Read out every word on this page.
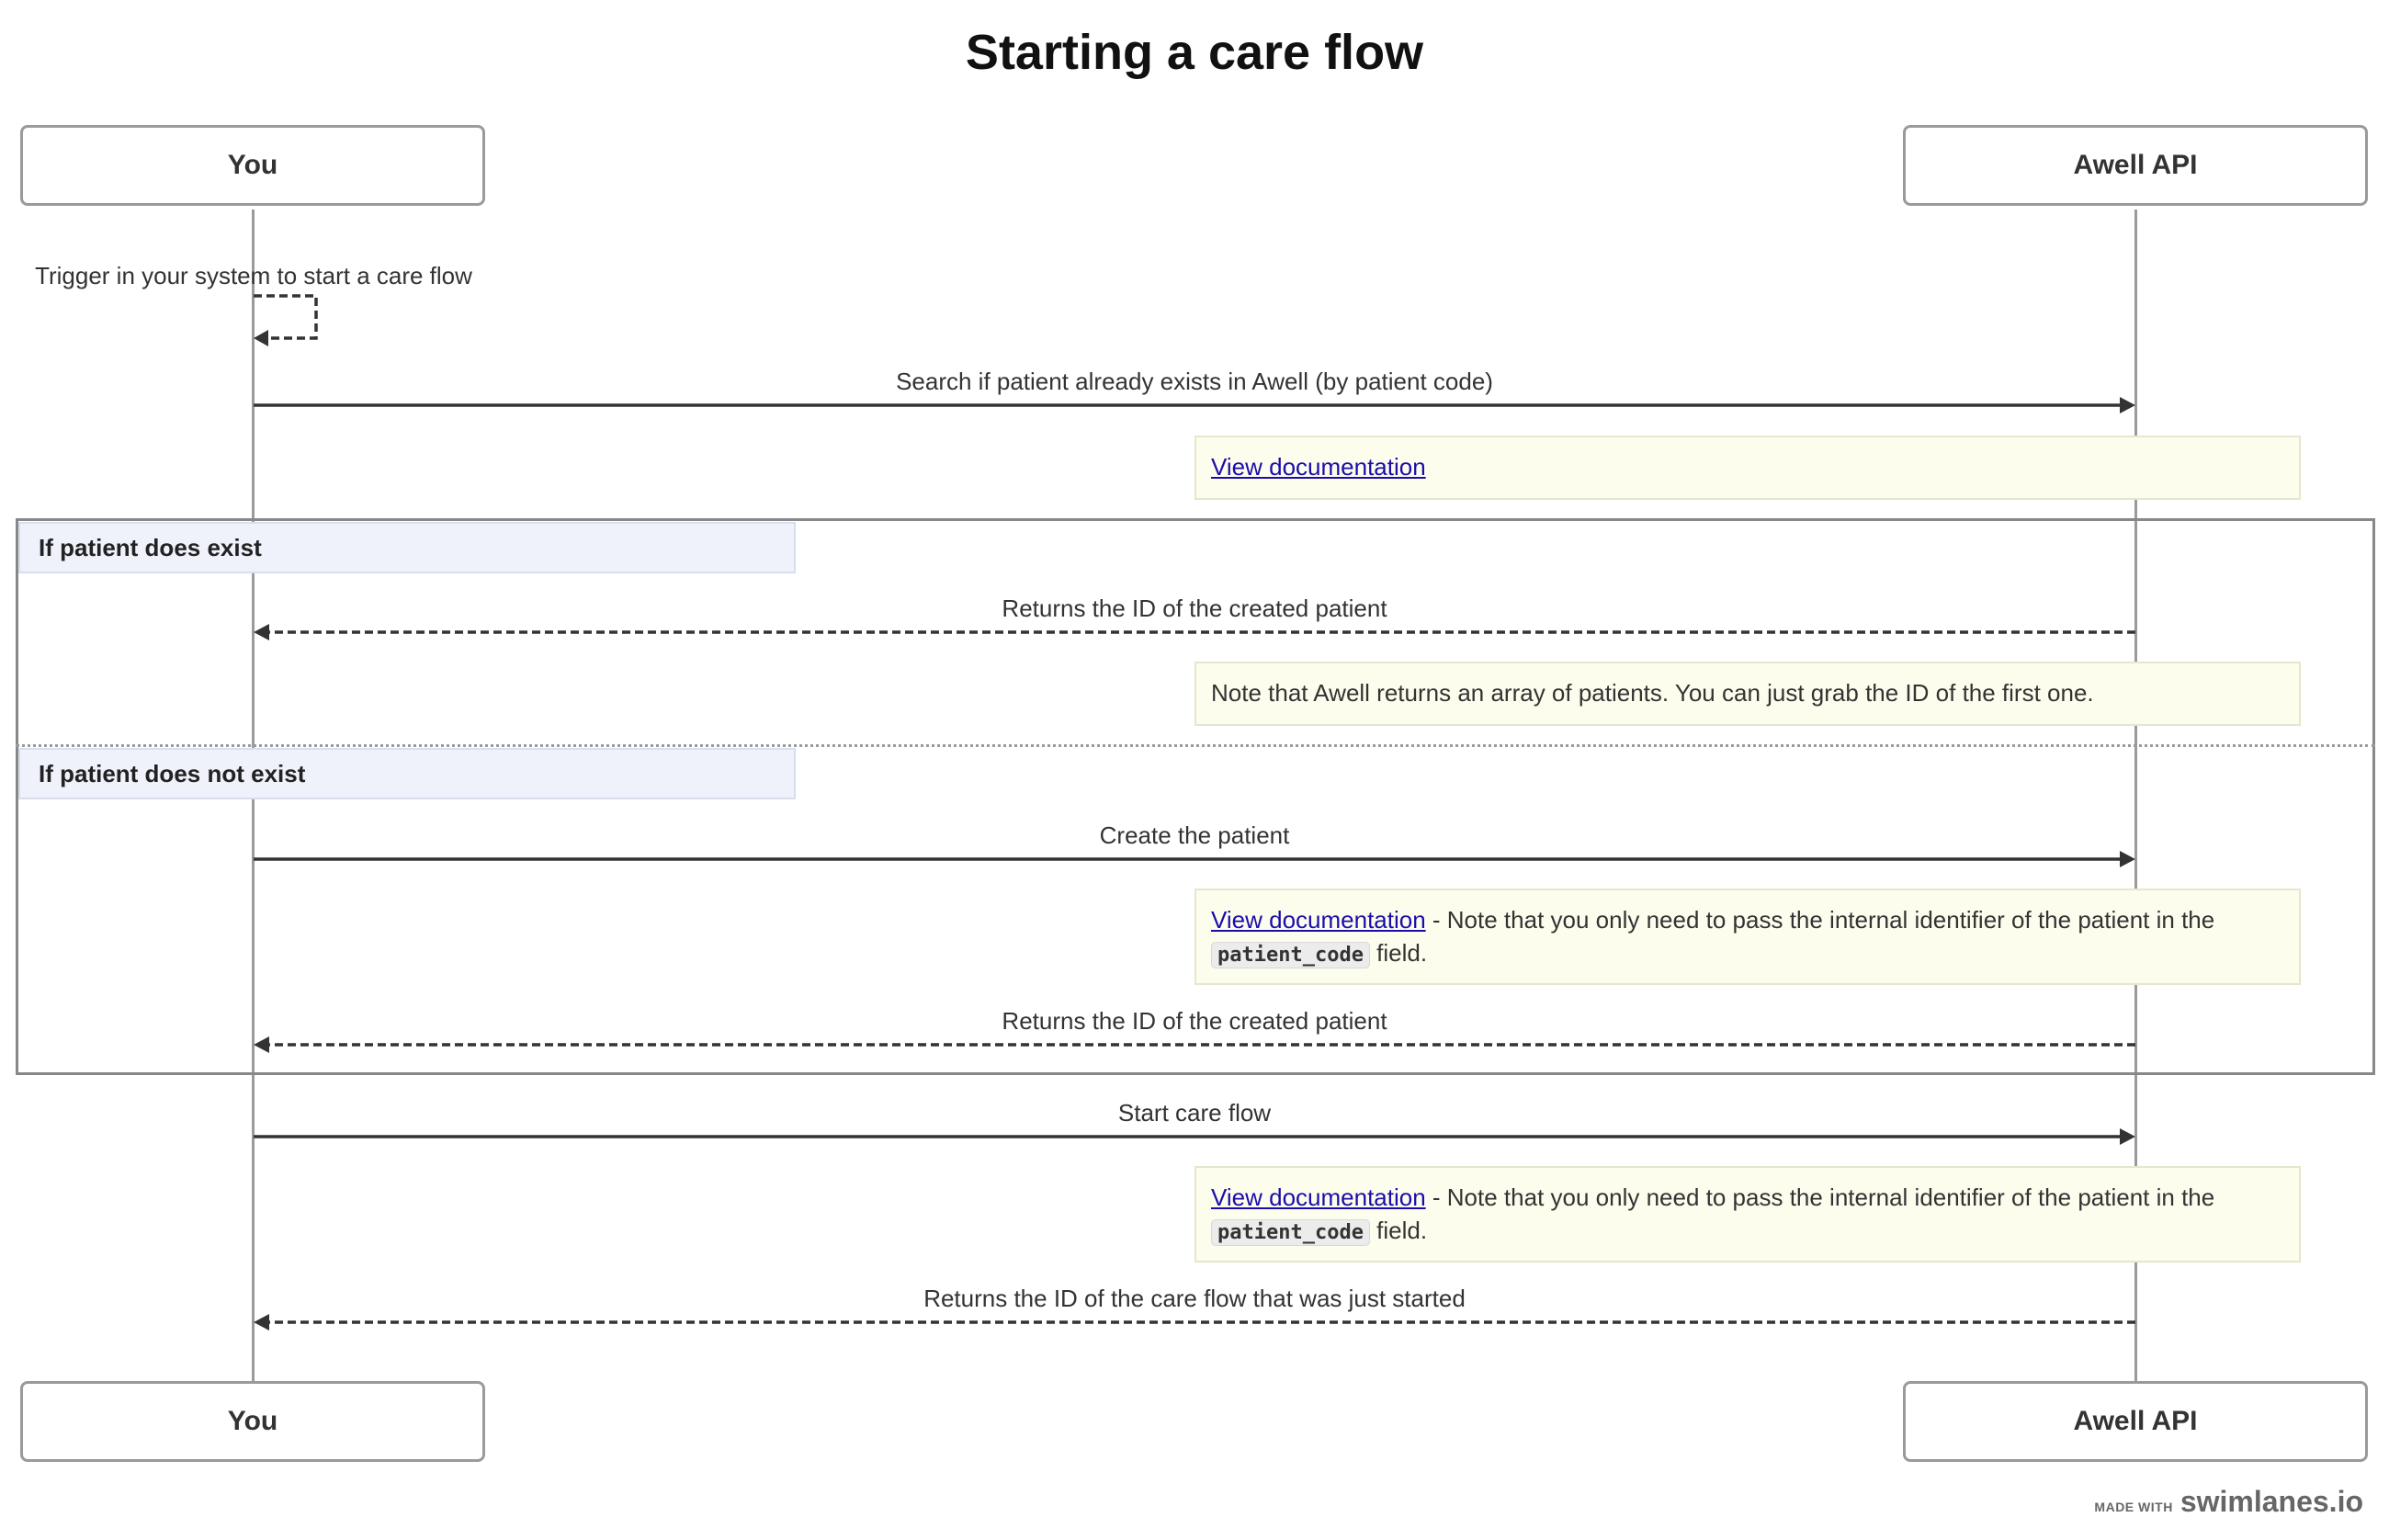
Starting a care flow
You	Awell API
You	Awell API
If patient does exist
If patient does not exist
Trigger in your system to start a care flow
Search if patient already exists in Awell (by patient code)
Returns the ID of the created patient
Create the patient
Returns the ID of the created patient
Start care flow
Returns the ID of the care flow that was just started
View documentation
Note that Awell returns an array of patients. You can just grab the ID of the first one.
View documentation - Note that you only need to pass the internal identifier of the patient in the
patient_code field.
View documentation - Note that you only need to pass the internal identifier of the patient in the
patient_code field.
MADE WITH swimlanes.io
